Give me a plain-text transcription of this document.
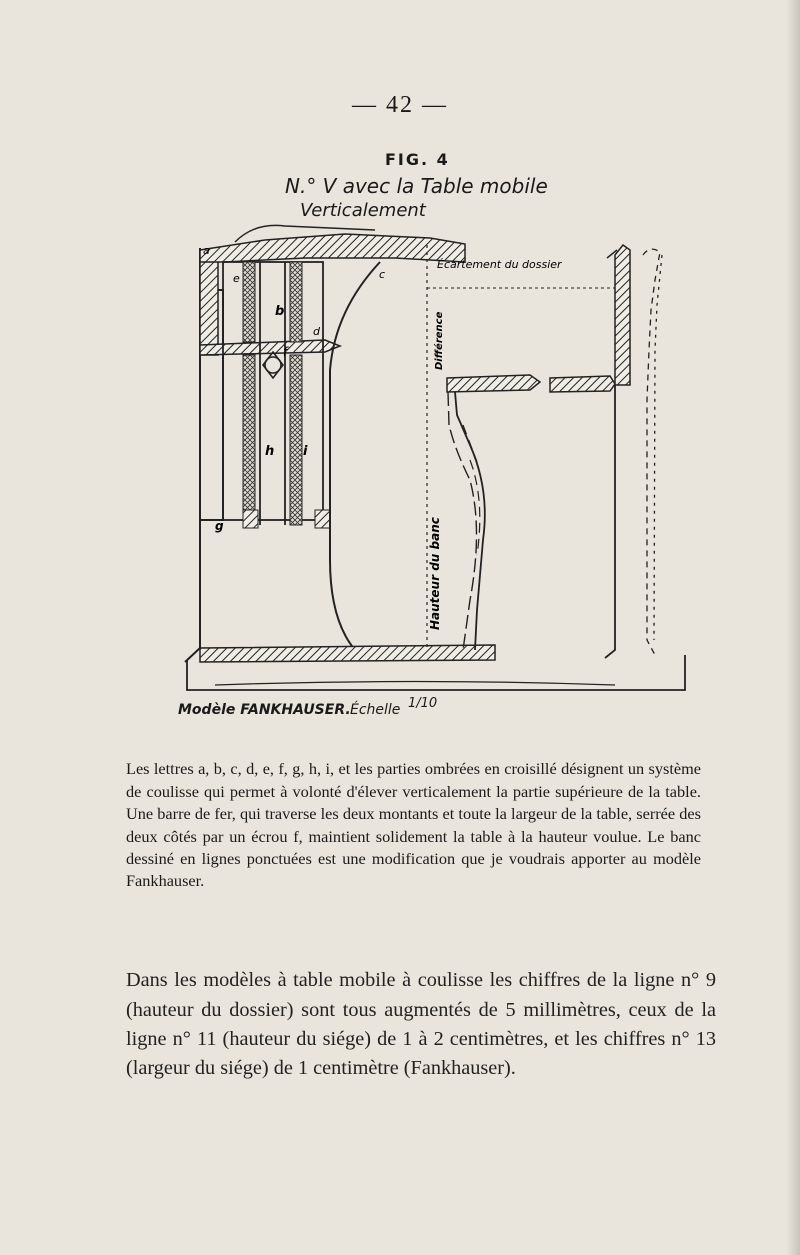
— 42 —
FIG. 4
N.° V avec la Table mobile
Verticalement
a
b
c
d
e
f
g
h i
Écartement du dossier
Différence
Hauteur du banc
Modèle FANKHAUSER. Échelle 1/10

Les lettres a, b, c, d, e, f, g, h, i, et les parties ombrées en croisillé désignent un système de coulisse qui permet à volonté d'élever verticalement la partie supérieure de la table. Une barre de fer, qui traverse les deux montants et toute la largeur de la table, serrée des deux côtés par un écrou f, maintient solidement la table à la hauteur voulue. Le banc dessiné en lignes ponctuées est une modification que je voudrais apporter au modèle Fankhauser.

Dans les modèles à table mobile à coulisse les chiffres de la ligne n° 9 (hauteur du dossier) sont tous augmentés de 5 millimètres, ceux de la ligne n° 11 (hauteur du siége) de 1 à 2 centimètres, et les chiffres n° 13 (largeur du siége) de 1 centimètre (Fankhauser).
